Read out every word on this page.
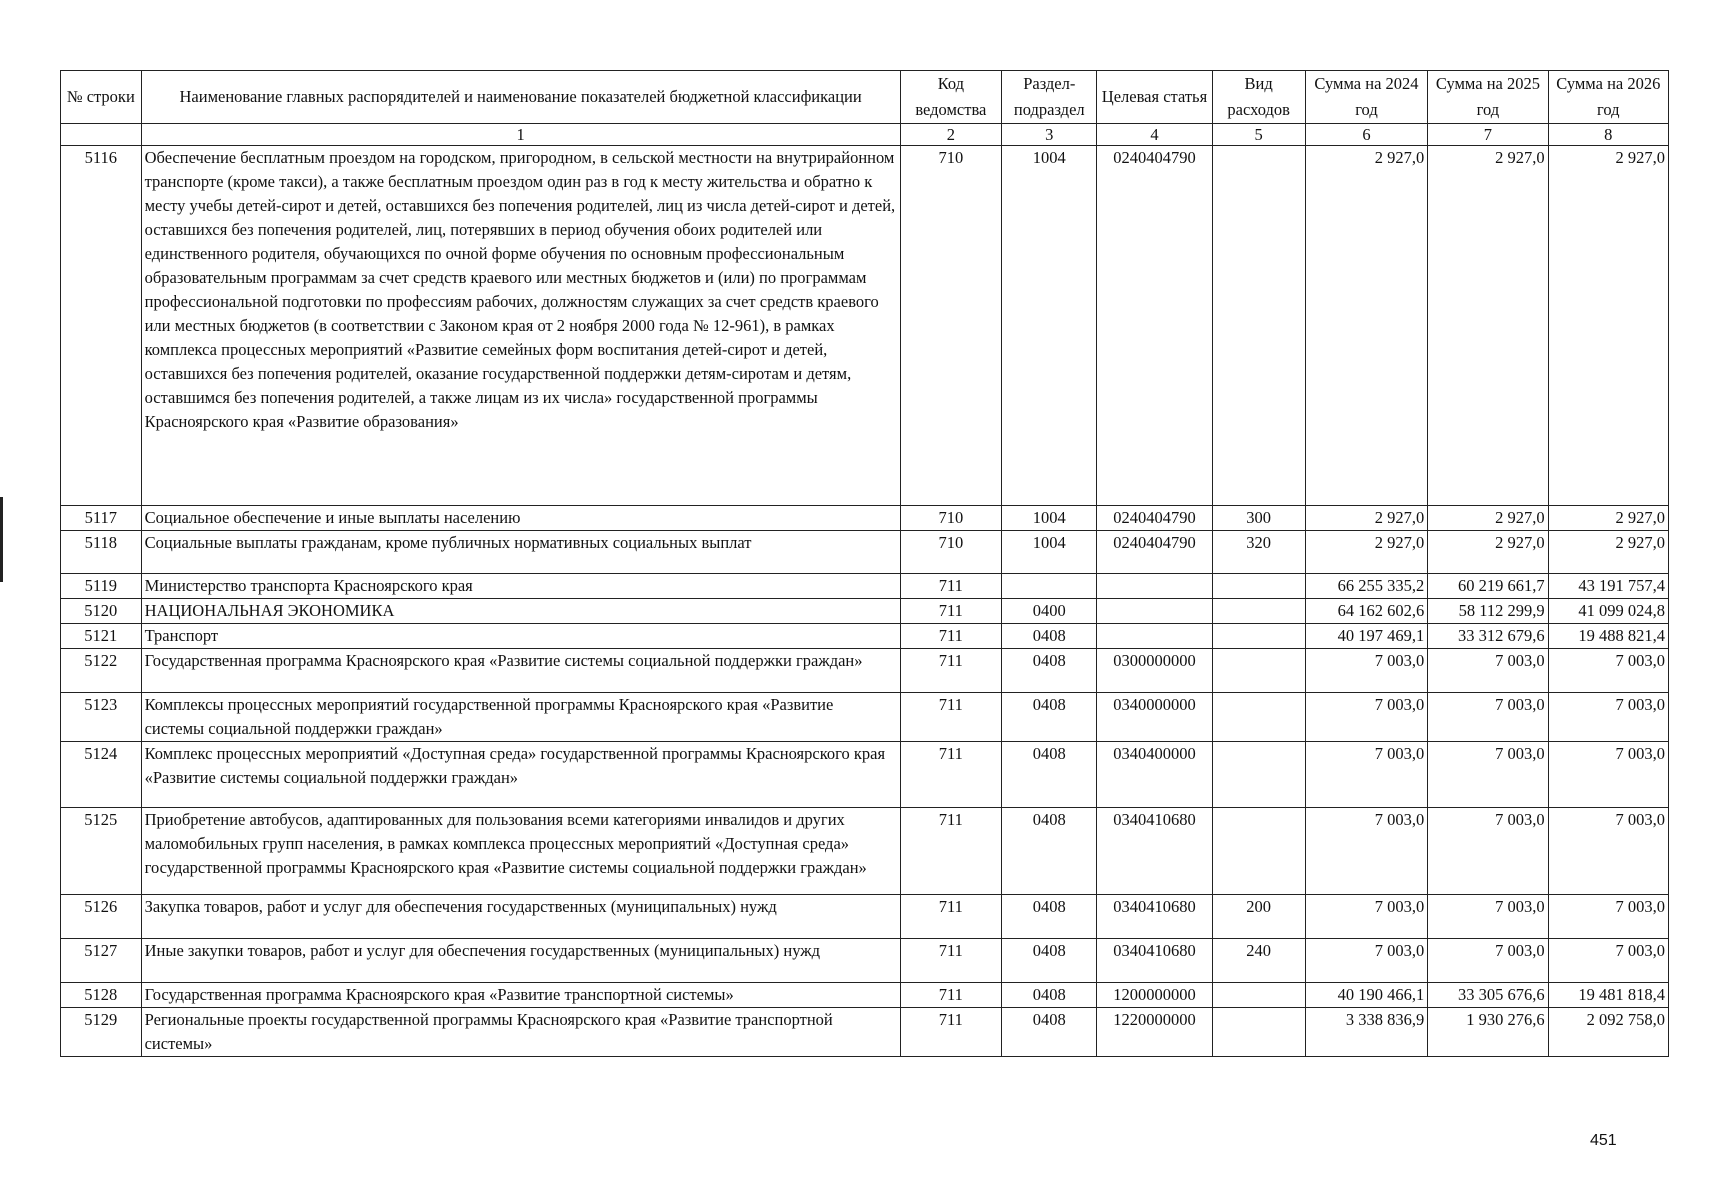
№ строки	Наименование главных распорядителей и наименование показателей бюджетной классификации	Код ведомства	Раздел-подраздел	Целевая статья	Вид расходов	Сумма на 2024 год	Сумма на 2025 год	Сумма на 2026 год
	1	2	3	4	5	6	7	8
5116	Обеспечение бесплатным проездом на городском, пригородном, в сельской местности на внутрирайонном транспорте (кроме такси), а также бесплатным проездом один раз в год к месту жительства и обратно к месту учебы детей-сирот и детей, оставшихся без попечения родителей, лиц из числа детей-сирот и детей, оставшихся без попечения родителей, лиц, потерявших в период обучения обоих родителей или единственного родителя, обучающихся по очной форме обучения по основным профессиональным образовательным программам за счет средств краевого или местных бюджетов и (или) по программам профессиональной подготовки по профессиям рабочих, должностям служащих за счет средств краевого или местных бюджетов (в соответствии с Законом края от 2 ноября 2000 года № 12-961), в рамках комплекса процессных мероприятий «Развитие семейных форм воспитания детей-сирот и детей, оставшихся без попечения родителей, оказание государственной поддержки детям-сиротам и детям, оставшимся без попечения родителей, а также лицам из их числа» государственной программы Красноярского края «Развитие образования»	710	1004	0240404790		2 927,0	2 927,0	2 927,0
5117	Социальное обеспечение и иные выплаты населению	710	1004	0240404790	300	2 927,0	2 927,0	2 927,0
5118	Социальные выплаты гражданам, кроме публичных нормативных социальных выплат	710	1004	0240404790	320	2 927,0	2 927,0	2 927,0
5119	Министерство транспорта Красноярского края	711				66 255 335,2	60 219 661,7	43 191 757,4
5120	НАЦИОНАЛЬНАЯ ЭКОНОМИКА	711	0400			64 162 602,6	58 112 299,9	41 099 024,8
5121	Транспорт	711	0408			40 197 469,1	33 312 679,6	19 488 821,4
5122	Государственная программа Красноярского края «Развитие системы социальной поддержки граждан»	711	0408	0300000000		7 003,0	7 003,0	7 003,0
5123	Комплексы процессных мероприятий государственной программы Красноярского края «Развитие системы социальной поддержки граждан»	711	0408	0340000000		7 003,0	7 003,0	7 003,0
5124	Комплекс процессных мероприятий «Доступная среда» государственной программы Красноярского края «Развитие системы социальной поддержки граждан»	711	0408	0340400000		7 003,0	7 003,0	7 003,0
5125	Приобретение автобусов, адаптированных для пользования всеми категориями инвалидов и других маломобильных групп населения, в рамках комплекса процессных мероприятий «Доступная среда» государственной программы Красноярского края «Развитие системы социальной поддержки граждан»	711	0408	0340410680		7 003,0	7 003,0	7 003,0
5126	Закупка товаров, работ и услуг для обеспечения государственных (муниципальных) нужд	711	0408	0340410680	200	7 003,0	7 003,0	7 003,0
5127	Иные закупки товаров, работ и услуг для обеспечения государственных (муниципальных) нужд	711	0408	0340410680	240	7 003,0	7 003,0	7 003,0
5128	Государственная программа Красноярского края «Развитие транспортной системы»	711	0408	1200000000		40 190 466,1	33 305 676,6	19 481 818,4
5129	Региональные проекты государственной программы Красноярского края «Развитие транспортной системы»	711	0408	1220000000		3 338 836,9	1 930 276,6	2 092 758,0
451
